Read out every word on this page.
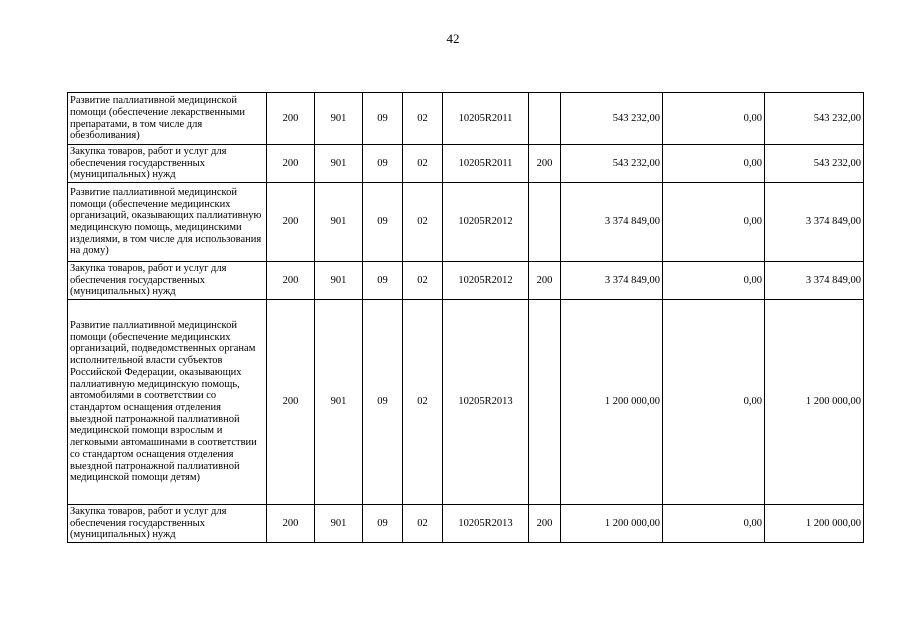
42
Развитие паллиативной медицинской помощи (обеспечение лекарственными препаратами, в том числе для обезболивания)	200	901	09	02	10205R2011		543 232,00	0,00	543 232,00
Закупка товаров, работ и услуг для обеспечения государственных (муниципальных) нужд	200	901	09	02	10205R2011	200	543 232,00	0,00	543 232,00
Развитие паллиативной медицинской помощи (обеспечение медицинских организаций, оказывающих паллиативную медицинскую помощь, медицинскими изделиями, в том числе для использования на дому)	200	901	09	02	10205R2012		3 374 849,00	0,00	3 374 849,00
Закупка товаров, работ и услуг для обеспечения государственных (муниципальных) нужд	200	901	09	02	10205R2012	200	3 374 849,00	0,00	3 374 849,00
Развитие паллиативной медицинской помощи (обеспечение медицинских организаций, подведомственных органам исполнительной власти субъектов Российской Федерации, оказывающих паллиативную медицинскую помощь, автомобилями в соответствии со стандартом оснащения отделения выездной патронажной паллиативной медицинской помощи взрослым и легковыми автомашинами в соответствии со стандартом оснащения отделения выездной патронажной паллиативной медицинской помощи детям)	200	901	09	02	10205R2013		1 200 000,00	0,00	1 200 000,00
Закупка товаров, работ и услуг для обеспечения государственных (муниципальных) нужд	200	901	09	02	10205R2013	200	1 200 000,00	0,00	1 200 000,00
